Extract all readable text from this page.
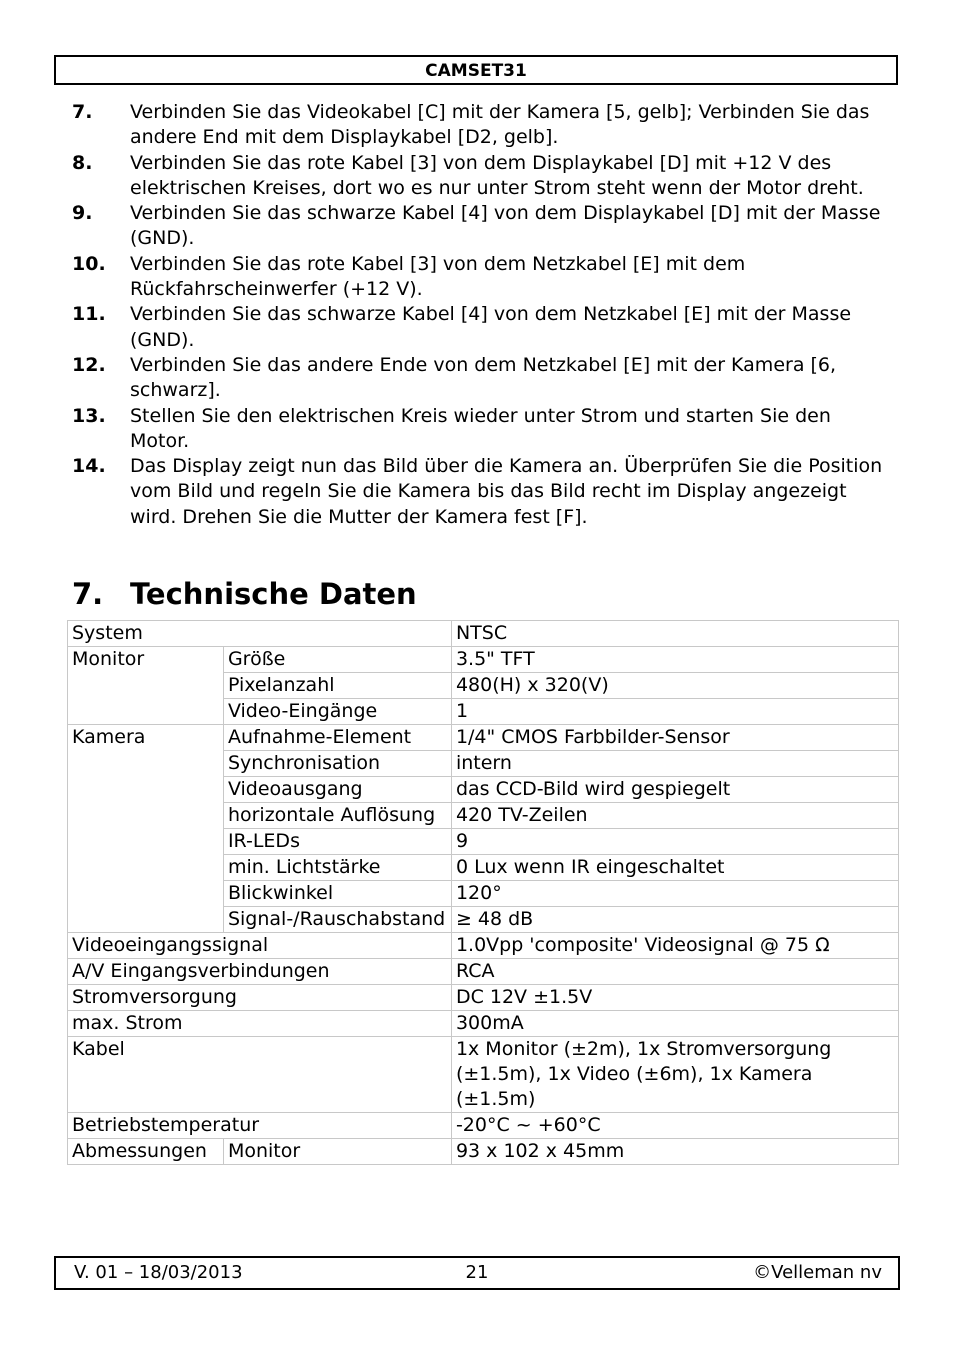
CAMSET31
7. Verbinden Sie das Videokabel [C] mit der Kamera [5, gelb]; Verbinden Sie das andere End mit dem Displaykabel [D2, gelb].
8. Verbinden Sie das rote Kabel [3] von dem Displaykabel [D] mit +12 V des elektrischen Kreises, dort wo es nur unter Strom steht wenn der Motor dreht.
9. Verbinden Sie das schwarze Kabel [4] von dem Displaykabel [D] mit der Masse (GND).
10. Verbinden Sie das rote Kabel [3] von dem Netzkabel [E] mit dem Rückfahrscheinwerfer (+12 V).
11. Verbinden Sie das schwarze Kabel [4] von dem Netzkabel [E] mit der Masse (GND).
12. Verbinden Sie das andere Ende von dem Netzkabel [E] mit der Kamera [6, schwarz].
13. Stellen Sie den elektrischen Kreis wieder unter Strom und starten Sie den Motor.
14. Das Display zeigt nun das Bild über die Kamera an. Überprüfen Sie die Position vom Bild und regeln Sie die Kamera bis das Bild recht im Display angezeigt wird. Drehen Sie die Mutter der Kamera fest [F].
7. Technische Daten
System		NTSC
Monitor	Größe	3.5" TFT
	Pixelanzahl	480(H) x 320(V)
	Video-Eingänge	1
Kamera	Aufnahme-Element	1/4" CMOS Farbbilder-Sensor
	Synchronisation	intern
	Videoausgang	das CCD-Bild wird gespiegelt
	horizontale Auflösung	420 TV-Zeilen
	IR-LEDs	9
	min. Lichtstärke	0 Lux wenn IR eingeschaltet
	Blickwinkel	120°
	Signal-/Rauschabstand	≥ 48 dB
Videoeingangssignal		1.0Vpp 'composite' Videosignal @ 75 Ω
A/V Eingangsverbindungen		RCA
Stromversorgung		DC 12V ±1.5V
max. Strom		300mA
Kabel		1x Monitor (±2m), 1x Stromversorgung (±1.5m), 1x Video (±6m), 1x Kamera (±1.5m)
Betriebstemperatur		-20°C ~ +60°C
Abmessungen	Monitor	93 x 102 x 45mm
V. 01 – 18/03/2013	21	©Velleman nv
